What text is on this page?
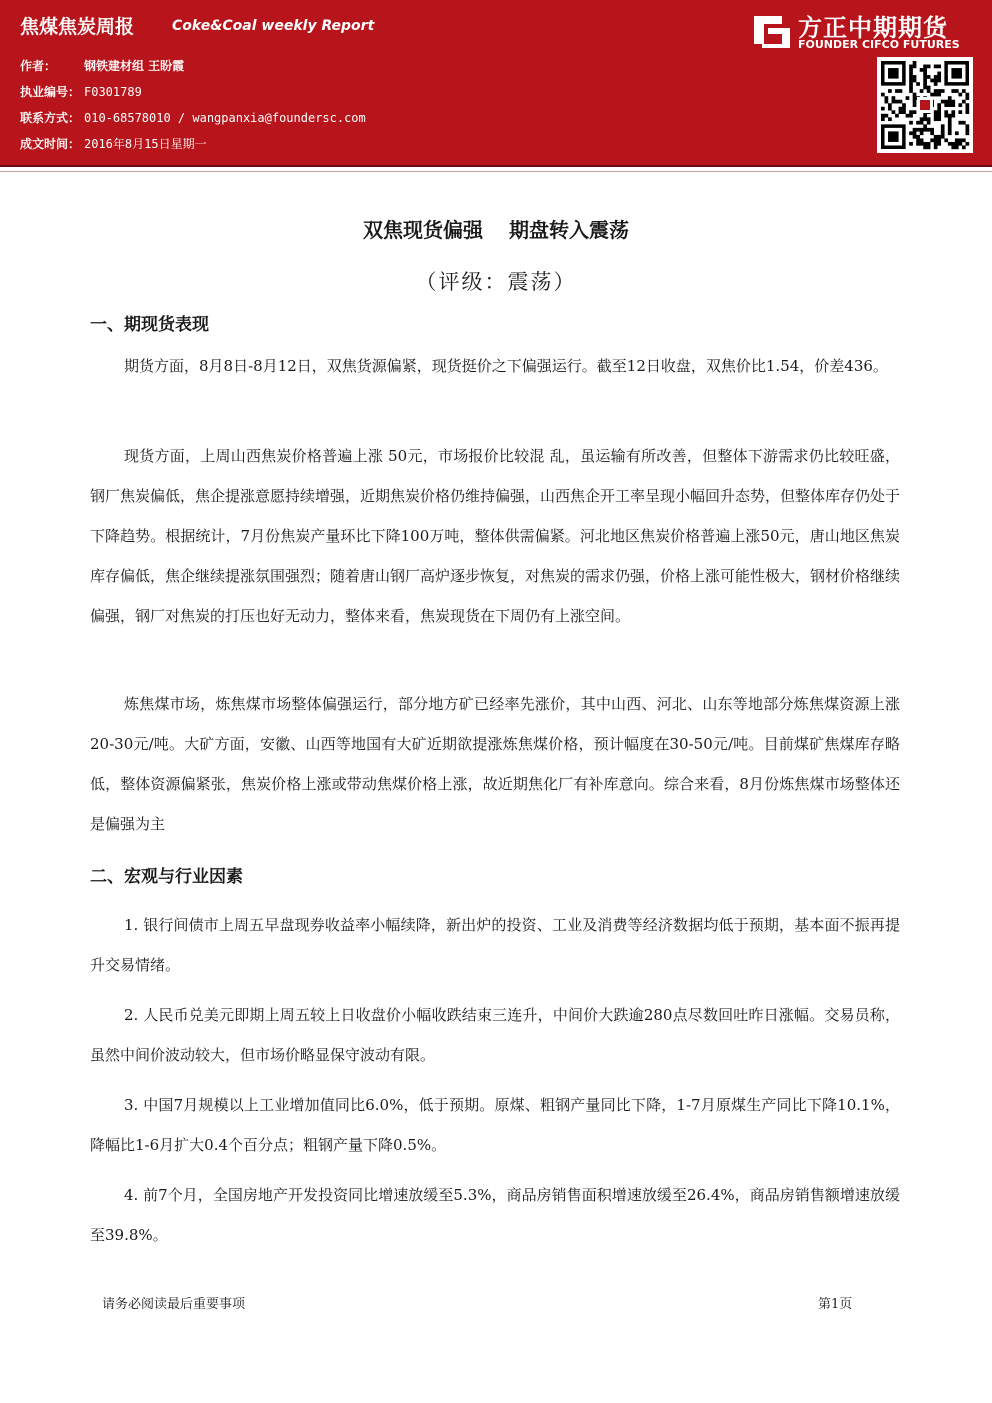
焦煤焦炭周报	Coke&Coal weekly Report
作者： 钢铁建材组 王盼霞
执业编号： F0301789
联系方式： 010-68578010 / wangpanxia@foundersc.com
成文时间： 2016年8月15日星期一
方正中期期货
FOUNDER CIFCO FUTURES
双焦现货偏强 期盘转入震荡
（评级：震荡）
一、期现货表现

期货方面，8月8日-8月12日，双焦货源偏紧，现货挺价之下偏强运行。截至12日收盘，双焦价比1.54，价差436。

现货方面，上周山西焦炭价格普遍上涨 50元，市场报价比较混 乱，虽运输有所改善，但整体下游需求仍比较旺盛，钢厂焦炭偏低，焦企提涨意愿持续增强，近期焦炭价格仍维持偏强，山西焦企开工率呈现小幅回升态势，但整体库存仍处于下降趋势。根据统计，7月份焦炭产量环比下降100万吨，整体供需偏紧。河北地区焦炭价格普遍上涨50元，唐山地区焦炭库存偏低，焦企继续提涨氛围强烈；随着唐山钢厂高炉逐步恢复，对焦炭的需求仍强，价格上涨可能性极大，钢材价格继续偏强，钢厂对焦炭的打压也好无动力，整体来看，焦炭现货在下周仍有上涨空间。

炼焦煤市场，炼焦煤市场整体偏强运行，部分地方矿已经率先涨价，其中山西、河北、山东等地部分炼焦煤资源上涨20-30元/吨。大矿方面，安徽、山西等地国有大矿近期欲提涨炼焦煤价格，预计幅度在30-50元/吨。目前煤矿焦煤库存略低，整体资源偏紧张，焦炭价格上涨或带动焦煤价格上涨，故近期焦化厂有补库意向。综合来看，8月份炼焦煤市场整体还是偏强为主

二、宏观与行业因素

1. 银行间债市上周五早盘现券收益率小幅续降，新出炉的投资、工业及消费等经济数据均低于预期，基本面不振再提升交易情绪。

2. 人民币兑美元即期上周五较上日收盘价小幅收跌结束三连升，中间价大跌逾280点尽数回吐昨日涨幅。交易员称，虽然中间价波动较大，但市场价略显保守波动有限。

3. 中国7月规模以上工业增加值同比6.0%，低于预期。原煤、粗钢产量同比下降，1-7月原煤生产同比下降10.1%，降幅比1-6月扩大0.4个百分点；粗钢产量下降0.5%。

4. 前7个月，全国房地产开发投资同比增速放缓至5.3%，商品房销售面积增速放缓至26.4%，商品房销售额增速放缓至39.8%。

请务必阅读最后重要事项	第1页
